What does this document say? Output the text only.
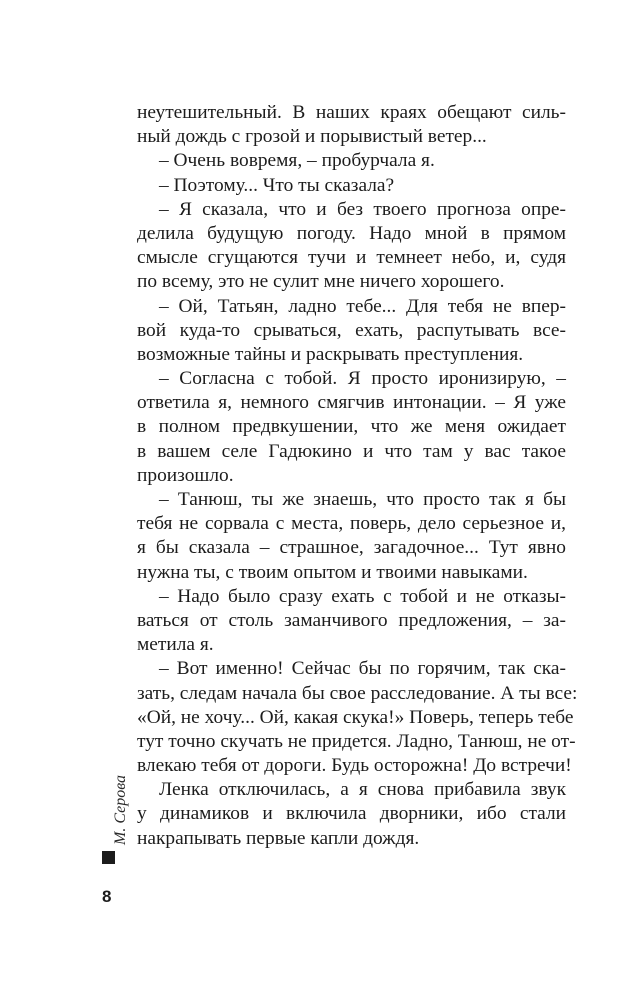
неутешительный. В наших краях обещают силь-
ный дождь с грозой и порывистый ветер...
– Очень вовремя, – пробурчала я.
– Поэтому... Что ты сказала?
– Я сказала, что и без твоего прогноза опре-
делила будущую погоду. Надо мной в прямом
смысле сгущаются тучи и темнеет небо, и, судя
по всему, это не сулит мне ничего хорошего.
– Ой, Татьян, ладно тебе... Для тебя не впер-
вой куда-то срываться, ехать, распутывать все-
возможные тайны и раскрывать преступления.
– Согласна с тобой. Я просто иронизирую, –
ответила я, немного смягчив интонации. – Я уже
в полном предвкушении, что же меня ожидает
в вашем селе Гадюкино и что там у вас такое
произошло.
– Танюш, ты же знаешь, что просто так я бы
тебя не сорвала с места, поверь, дело серьезное и,
я бы сказала – страшное, загадочное... Тут явно
нужна ты, с твоим опытом и твоими навыками.
– Надо было сразу ехать с тобой и не отказы-
ваться от столь заманчивого предложения, – за-
метила я.
– Вот именно! Сейчас бы по горячим, так ска-
зать, следам начала бы свое расследование. А ты все:
«Ой, не хочу... Ой, какая скука!» Поверь, теперь тебе
тут точно скучать не придется. Ладно, Танюш, не от-
влекаю тебя от дороги. Будь осторожна! До встречи!
Ленка отключилась, а я снова прибавила звук
у динамиков и включила дворники, ибо стали
накрапывать первые капли дождя.
М. Серова
8
